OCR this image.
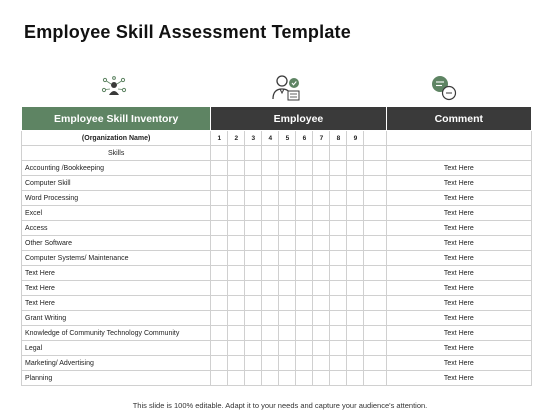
Employee Skill Assessment Template
Employee Skill Inventory	Employee										Comment
(Organization Name)	1	2	3	4	5	6	7	8	9		
Skills											
Accounting /Bookkeeping											Text Here
Computer Skill											Text Here
Word Processing											Text Here
Excel											Text Here
Access											Text Here
Other Software											Text Here
Computer Systems/ Maintenance											Text Here
Text Here											Text Here
Text Here											Text Here
Text Here											Text Here
Grant Writing											Text Here
Knowledge of Community Technology Community											Text Here
Legal											Text Here
Marketing/ Advertising											Text Here
Planning											Text Here
This slide is 100% editable. Adapt it to your needs and capture your audience's attention.
